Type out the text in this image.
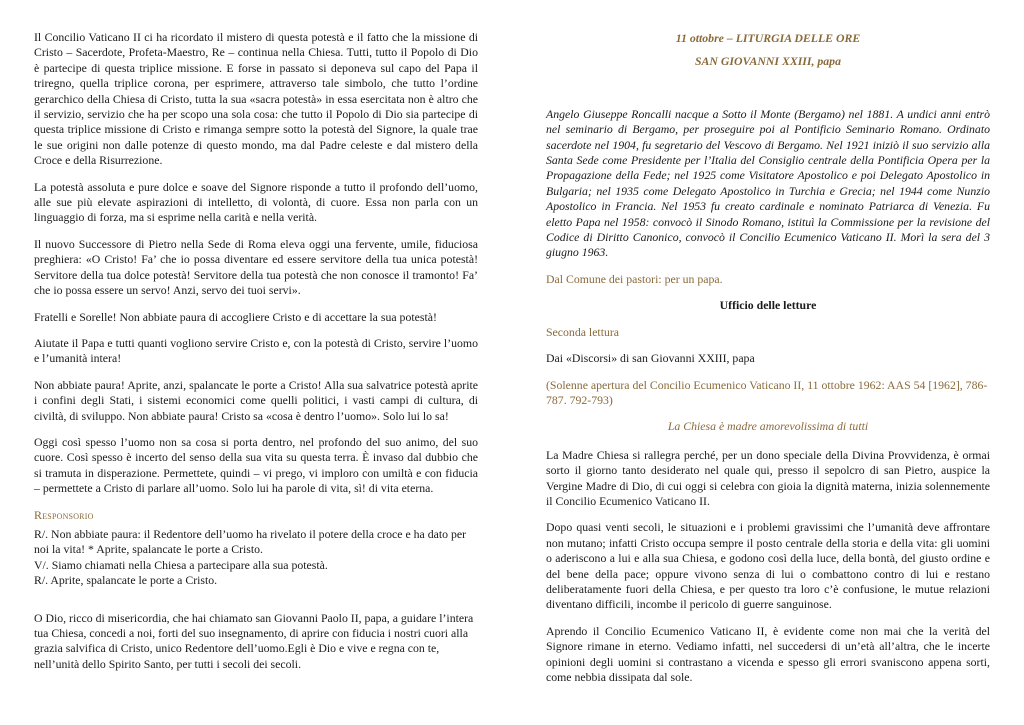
Il Concilio Vaticano II ci ha ricordato il mistero di questa potestà e il fatto che la missione di Cristo – Sacerdote, Profeta-Maestro, Re – continua nella Chiesa. Tutti, tutto il Popolo di Dio è partecipe di questa triplice missione. E forse in passato si deponeva sul capo del Papa il triregno, quella triplice corona, per esprimere, attraverso tale simbolo, che tutto l’ordine gerarchico della Chiesa di Cristo, tutta la sua «sacra potestà» in essa esercitata non è altro che il servizio, servizio che ha per scopo una sola cosa: che tutto il Popolo di Dio sia partecipe di questa triplice missione di Cristo e rimanga sempre sotto la potestà del Signore, la quale trae le sue origini non dalle potenze di questo mondo, ma dal Padre celeste e dal mistero della Croce e della Risurrezione.

La potestà assoluta e pure dolce e soave del Signore risponde a tutto il profondo dell’uomo, alle sue più elevate aspirazioni di intelletto, di volontà, di cuore. Essa non parla con un linguaggio di forza, ma si esprime nella carità e nella verità.

Il nuovo Successore di Pietro nella Sede di Roma eleva oggi una fervente, umile, fiduciosa preghiera: «O Cristo! Fa’ che io possa diventare ed essere servitore della tua unica potestà! Servitore della tua dolce potestà! Servitore della tua potestà che non conosce il tramonto! Fa’ che io possa essere un servo! Anzi, servo dei tuoi servi».

Fratelli e Sorelle! Non abbiate paura di accogliere Cristo e di accettare la sua potestà!

Aiutate il Papa e tutti quanti vogliono servire Cristo e, con la potestà di Cristo, servire l’uomo e l’umanità intera!

Non abbiate paura! Aprite, anzi, spalancate le porte a Cristo! Alla sua salvatrice potestà aprite i confini degli Stati, i sistemi economici come quelli politici, i vasti campi di cultura, di civiltà, di sviluppo. Non abbiate paura! Cristo sa «cosa è dentro l’uomo». Solo lui lo sa!

Oggi così spesso l’uomo non sa cosa si porta dentro, nel profondo del suo animo, del suo cuore. Così spesso è incerto del senso della sua vita su questa terra. È invaso dal dubbio che si tramuta in disperazione. Permettete, quindi – vi prego, vi imploro con umiltà e con fiducia – permettete a Cristo di parlare all’uomo. Solo lui ha parole di vita, sì! di vita eterna.

Responsorio

R/. Non abbiate paura: il Redentore dell’uomo ha rivelato il potere della croce e ha dato per noi la vita! * Aprite, spalancate le porte a Cristo.

V/. Siamo chiamati nella Chiesa a partecipare alla sua potestà.

R/. Aprite, spalancate le porte a Cristo.

O Dio, ricco di misericordia, che hai chiamato san Giovanni Paolo II, papa, a guidare l’intera tua Chiesa, concedi a noi, forti del suo insegnamento, di aprire con fiducia i nostri cuori alla grazia salvifica di Cristo, unico Redentore dell’uomo.Egli è Dio e vive e regna con te, nell’unità dello Spirito Santo, per tutti i secoli dei secoli.

11 ottobre – LITURGIA DELLE ORE

SAN GIOVANNI XXIII, papa

Angelo Giuseppe Roncalli nacque a Sotto il Monte (Bergamo) nel 1881. A undici anni entrò nel seminario di Bergamo, per proseguire poi al Pontificio Seminario Romano. Ordinato sacerdote nel 1904, fu segretario del Vescovo di Bergamo. Nel 1921 iniziò il suo servizio alla Santa Sede come Presidente per l’Italia del Consiglio centrale della Pontificia Opera per la Propagazione della Fede; nel 1925 come Visitatore Apostolico e poi Delegato Apostolico in Bulgaria; nel 1935 come Delegato Apostolico in Turchia e Grecia; nel 1944 come Nunzio Apostolico in Francia. Nel 1953 fu creato cardinale e nominato Patriarca di Venezia. Fu eletto Papa nel 1958: convocò il Sinodo Romano, istituì la Commissione per la revisione del Codice di Diritto Canonico, convocò il Concilio Ecumenico Vaticano II. Morì la sera del 3 giugno 1963.

Dal Comune dei pastori: per un papa.

Ufficio delle letture

Seconda lettura

Dai «Discorsi» di san Giovanni XXIII, papa

(Solenne apertura del Concilio Ecumenico Vaticano II, 11 ottobre 1962: AAS 54 [1962], 786-787. 792-793)

La Chiesa è madre amorevolissima di tutti

La Madre Chiesa si rallegra perché, per un dono speciale della Divina Provvidenza, è ormai sorto il giorno tanto desiderato nel quale qui, presso il sepolcro di san Pietro, auspice la Vergine Madre di Dio, di cui oggi si celebra con gioia la dignità materna, inizia solennemente il Concilio Ecumenico Vaticano II.

Dopo quasi venti secoli, le situazioni e i problemi gravissimi che l’umanità deve affrontare non mutano; infatti Cristo occupa sempre il posto centrale della storia e della vita: gli uomini o aderiscono a lui e alla sua Chiesa, e godono così della luce, della bontà, del giusto ordine e del bene della pace; oppure vivono senza di lui o combattono contro di lui e restano deliberatamente fuori della Chiesa, e per questo tra loro c’è confusione, le mutue relazioni diventano difficili, incombe il pericolo di guerre sanguinose.

Aprendo il Concilio Ecumenico Vaticano II, è evidente come non mai che la verità del Signore rimane in eterno. Vediamo infatti, nel succedersi di un’età all’altra, che le incerte opinioni degli uomini si contrastano a vicenda e spesso gli errori svaniscono appena sorti, come nebbia dissipata dal sole.
